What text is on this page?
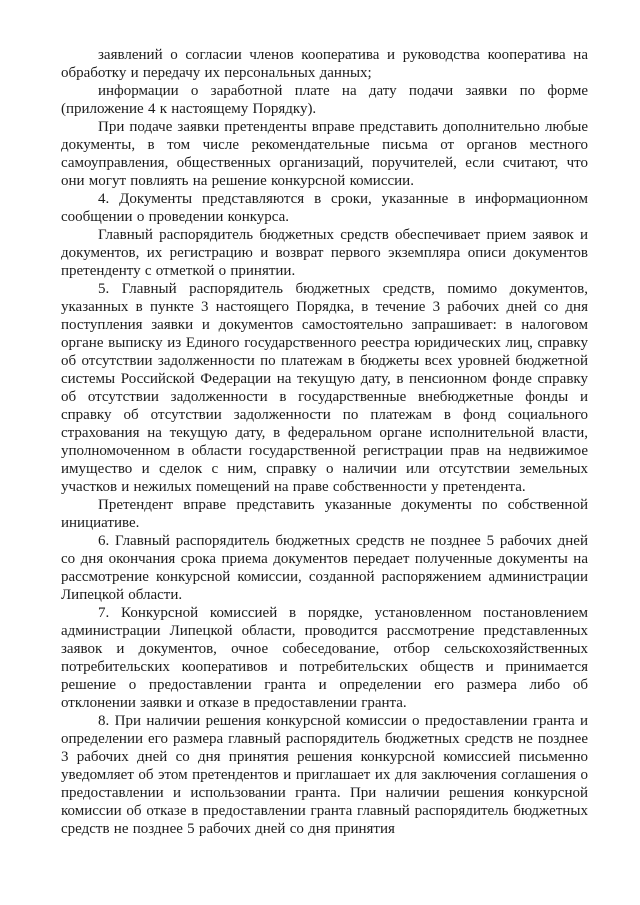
заявлений о согласии членов кооператива и руководства кооператива на обработку и передачу их персональных данных;

информации о заработной плате на дату подачи заявки по форме (приложение 4 к настоящему Порядку).

При подаче заявки претенденты вправе представить дополнительно любые документы, в том числе рекомендательные письма от органов местного самоуправления, общественных организаций, поручителей, если считают, что они могут повлиять на решение конкурсной комиссии.

4. Документы представляются в сроки, указанные в информационном сообщении о проведении конкурса.

Главный распорядитель бюджетных средств обеспечивает прием заявок и документов, их регистрацию и возврат первого экземпляра описи документов претенденту с отметкой о принятии.

5. Главный распорядитель бюджетных средств, помимо документов, указанных в пункте 3 настоящего Порядка, в течение 3 рабочих дней со дня поступления заявки и документов самостоятельно запрашивает: в налоговом органе выписку из Единого государственного реестра юридических лиц, справку об отсутствии задолженности по платежам в бюджеты всех уровней бюджетной системы Российской Федерации на текущую дату, в пенсионном фонде справку об отсутствии задолженности в государственные внебюджетные фонды и справку об отсутствии задолженности по платежам в фонд социального страхования на текущую дату, в федеральном органе исполнительной власти, уполномоченном в области государственной регистрации прав на недвижимое имущество и сделок с ним, справку о наличии или отсутствии земельных участков и нежилых помещений на праве собственности у претендента.

Претендент вправе представить указанные документы по собственной инициативе.

6. Главный распорядитель бюджетных средств не позднее 5 рабочих дней со дня окончания срока приема документов передает полученные документы на рассмотрение конкурсной комиссии, созданной распоряжением администрации Липецкой области.

7. Конкурсной комиссией в порядке, установленном постановлением администрации Липецкой области, проводится рассмотрение представленных заявок и документов, очное собеседование, отбор сельскохозяйственных потребительских кооперативов и потребительских обществ и принимается решение о предоставлении гранта и определении его размера либо об отклонении заявки и отказе в предоставлении гранта.

8. При наличии решения конкурсной комиссии о предоставлении гранта и определении его размера главный распорядитель бюджетных средств не позднее 3 рабочих дней со дня принятия решения конкурсной комиссией письменно уведомляет об этом претендентов и приглашает их для заключения соглашения о предоставлении и использовании гранта. При наличии решения конкурсной комиссии об отказе в предоставлении гранта главный распорядитель бюджетных средств не позднее 5 рабочих дней со дня принятия
